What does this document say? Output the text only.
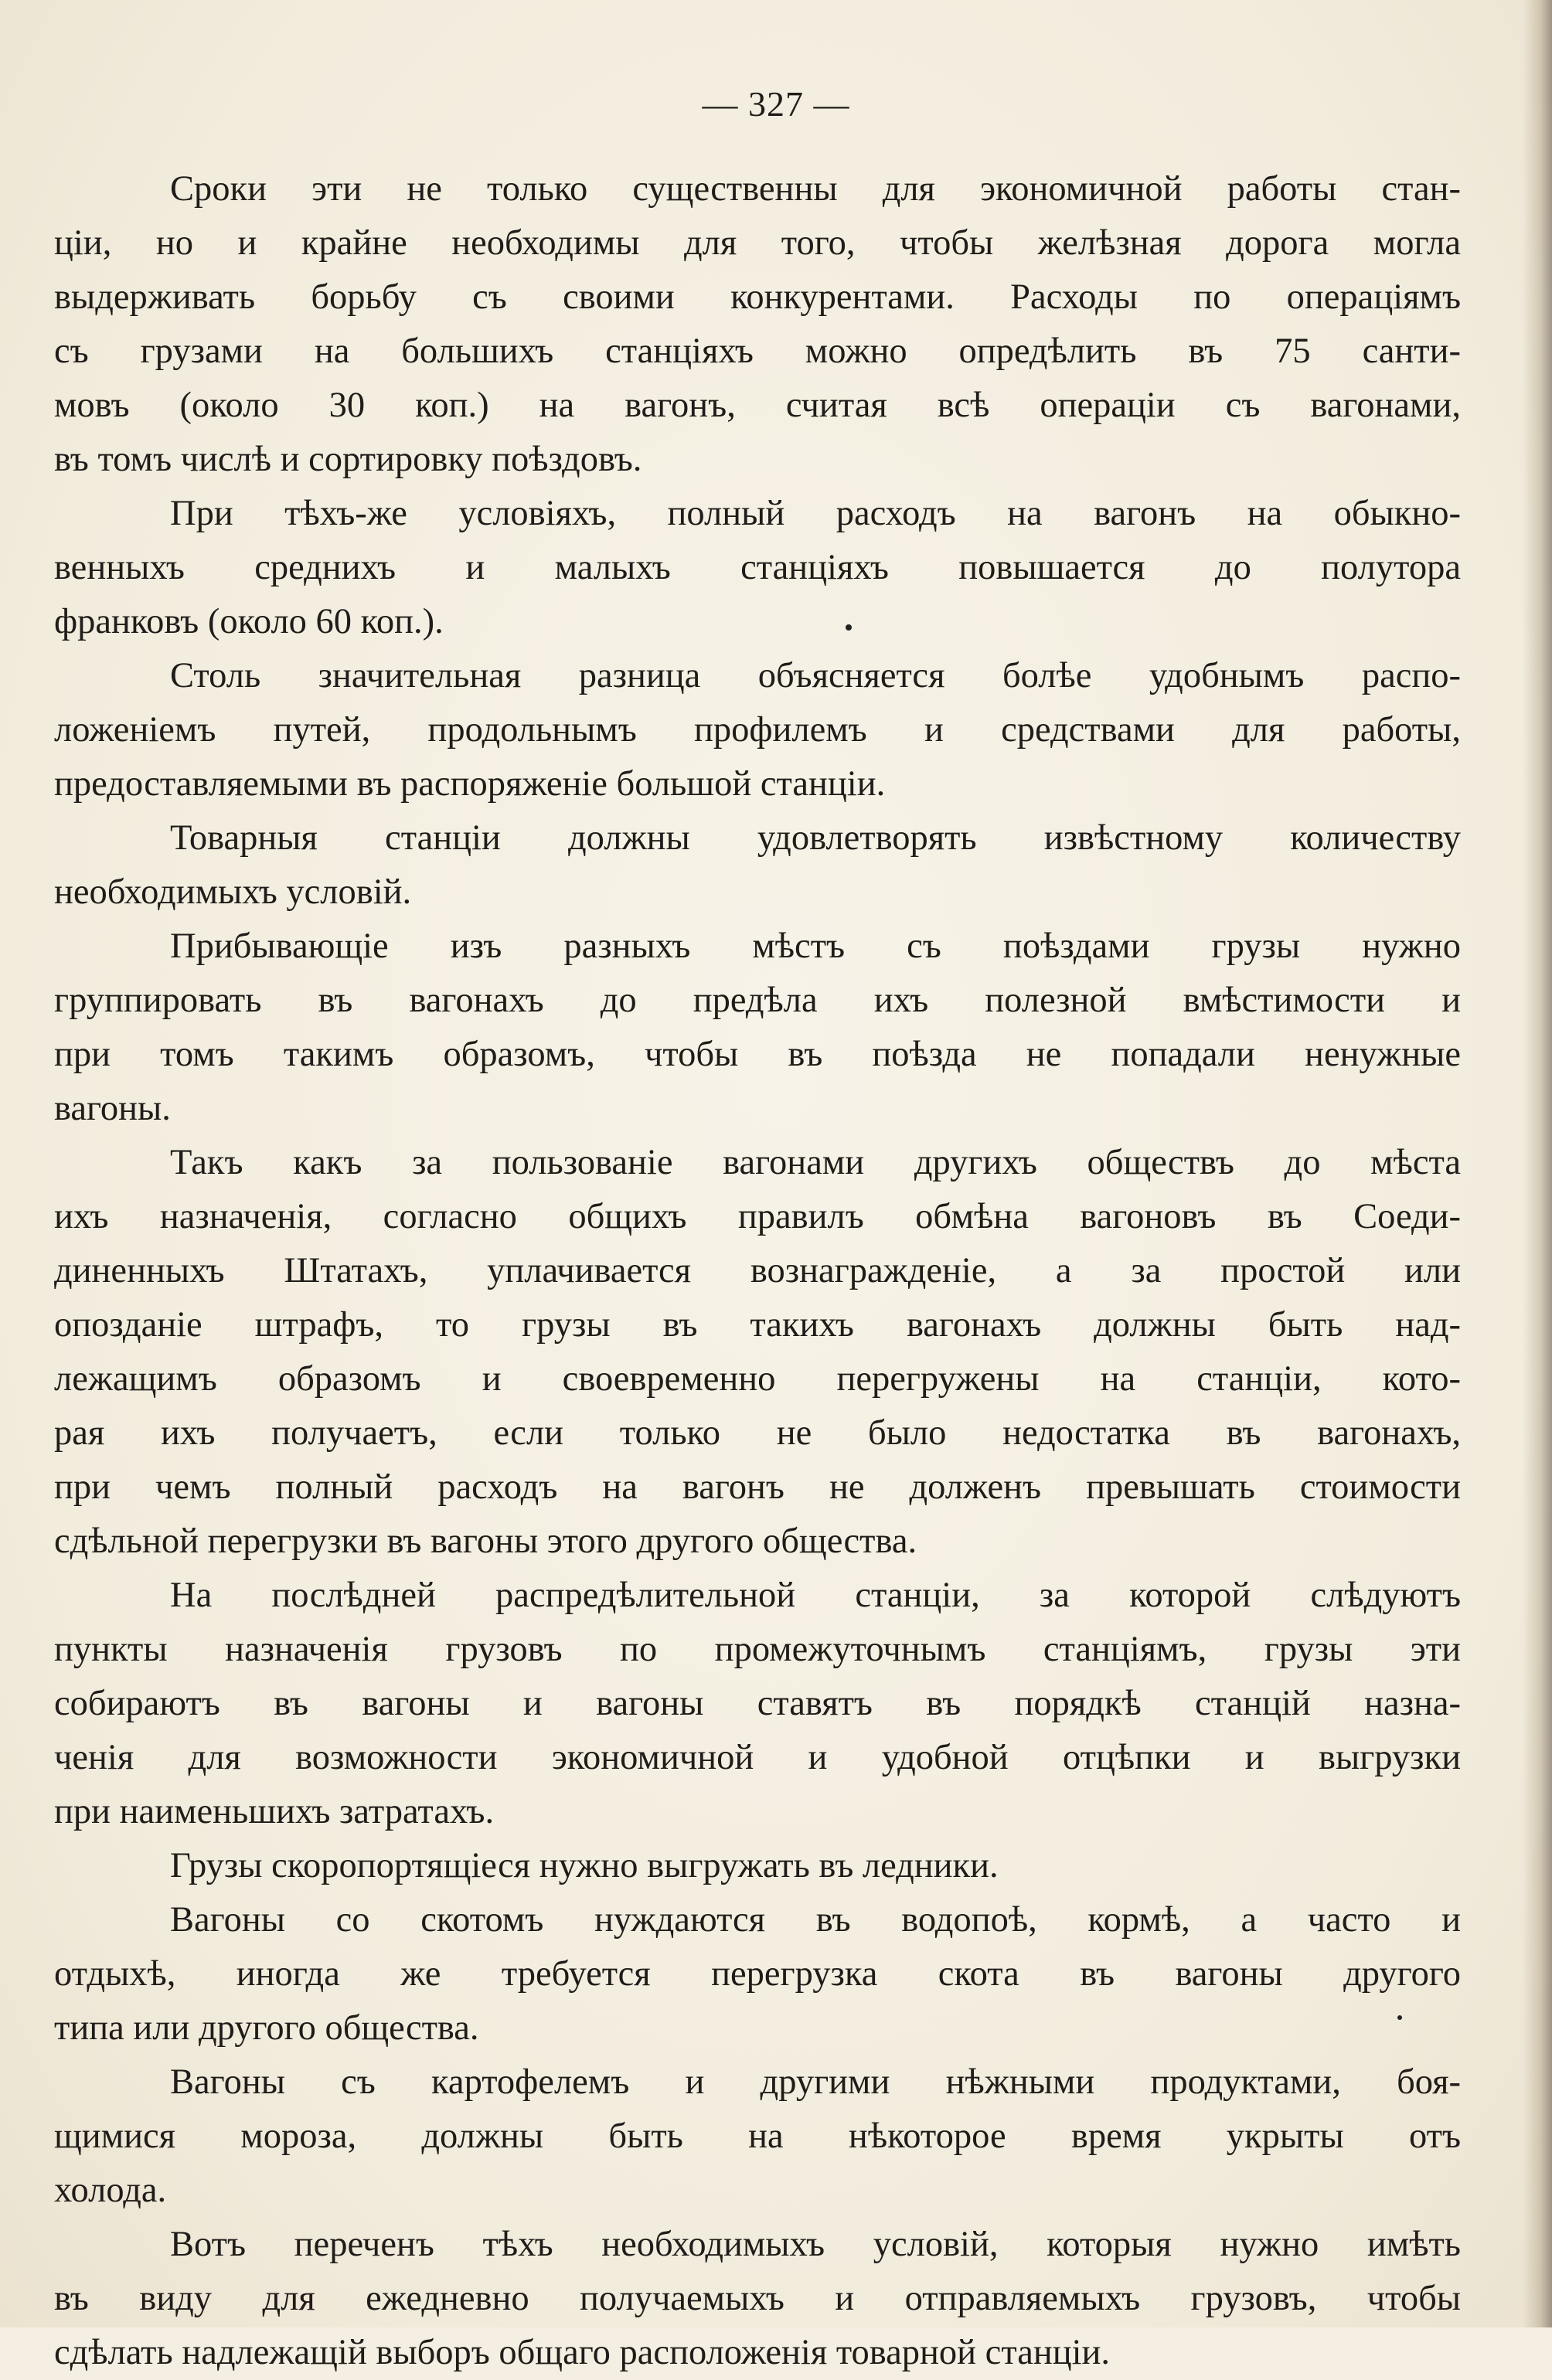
— 327 —

Сроки эти не только существенны для экономичной работы стан-
ціи, но и крайне необходимы для того, чтобы желѣзная дорога могла
выдерживать борьбу съ своими конкурентами. Расходы по операціямъ
съ грузами на большихъ станціяхъ можно опредѣлить въ 75 санти-
мовъ (около 30 коп.) на вагонъ, считая всѣ операціи съ вагонами,
въ томъ числѣ и сортировку поѣздовъ.

При тѣхъ-же условіяхъ, полный расходъ на вагонъ на обыкно-
венныхъ среднихъ и малыхъ станціяхъ повышается до полутора
франковъ (около 60 коп.).

Столь значительная разница объясняется болѣе удобнымъ распо-
ложеніемъ путей, продольнымъ профилемъ и средствами для работы,
предоставляемыми въ распоряженіе большой станціи.

Товарныя станціи должны удовлетворять извѣстному количеству
необходимыхъ условій.

Прибывающіе изъ разныхъ мѣстъ съ поѣздами грузы нужно
группировать въ вагонахъ до предѣла ихъ полезной вмѣстимости и
при томъ такимъ образомъ, чтобы въ поѣзда не попадали ненужные
вагоны.

Такъ какъ за пользованіе вагонами другихъ обществъ до мѣста
ихъ назначенія, согласно общихъ правилъ обмѣна вагоновъ въ Соеди-
диненныхъ Штатахъ, уплачивается вознагражденіе, а за простой или
опозданіе штрафъ, то грузы въ такихъ вагонахъ должны быть над-
лежащимъ образомъ и своевременно перегружены на станціи, кото-
рая ихъ получаетъ, если только не было недостатка въ вагонахъ,
при чемъ полный расходъ на вагонъ не долженъ превышать стоимости
сдѣльной перегрузки въ вагоны этого другого общества.

На послѣдней распредѣлительной станціи, за которой слѣдуютъ
пункты назначенія грузовъ по промежуточнымъ станціямъ, грузы эти
собираютъ въ вагоны и вагоны ставятъ въ порядкѣ станцій назна-
ченія для возможности экономичной и удобной отцѣпки и выгрузки
при наименьшихъ затратахъ.

Грузы скоропортящіеся нужно выгружать въ ледники.

Вагоны со скотомъ нуждаются въ водопоѣ, кормѣ, а часто и
отдыхѣ, иногда же требуется перегрузка скота въ вагоны другого
типа или другого общества.

Вагоны съ картофелемъ и другими нѣжными продуктами, боя-
щимися мороза, должны быть на нѣкоторое время укрыты отъ
холода.

Вотъ переченъ тѣхъ необходимыхъ условій, которыя нужно имѣть
въ виду для ежедневно получаемыхъ и отправляемыхъ грузовъ, чтобы
сдѣлать надлежащій выборъ общаго расположенія товарной станціи.
